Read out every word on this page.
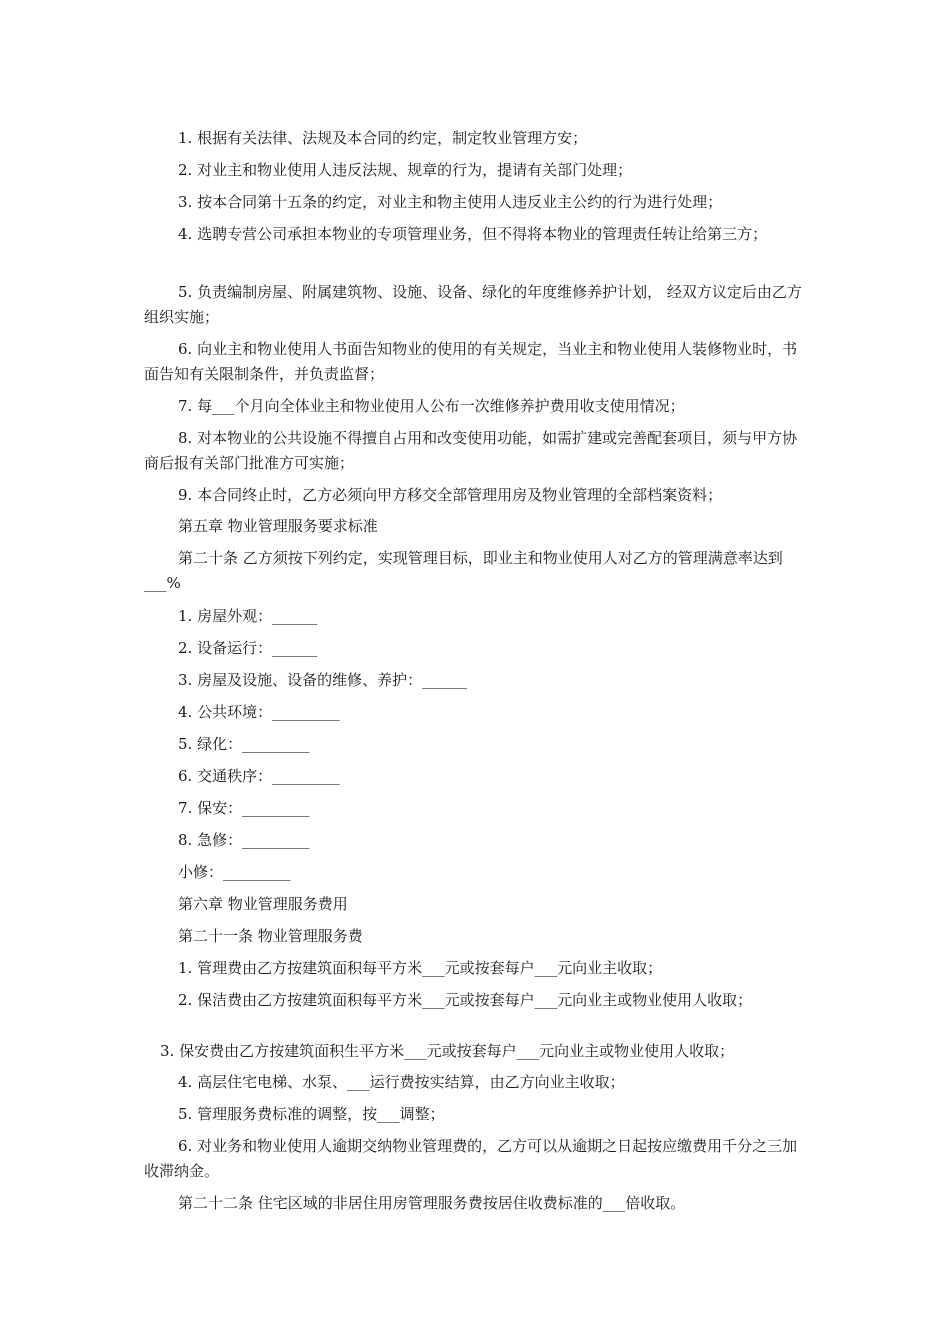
1. 根据有关法律、法规及本合同的约定，制定牧业管理方安；

2. 对业主和物业使用人违反法规、规章的行为，提请有关部门处理；

3. 按本合同第十五条的约定，对业主和物主使用人违反业主公约的行为进行处理；

4. 选聘专营公司承担本物业的专项管理业务，但不得将本物业的管理责任转让给第三方；

5. 负责编制房屋、附属建筑物、设施、设备、绿化的年度维修养护计划， 经双方议定后由乙方组织实施；

6. 向业主和物业使用人书面告知物业的使用的有关规定，当业主和物业使用人装修物业时，书面告知有关限制条件，并负责监督；

7. 每___个月向全体业主和物业使用人公布一次维修养护费用收支使用情况；

8. 对本物业的公共设施不得擅自占用和改变使用功能，如需扩建或完善配套项目，须与甲方协商后报有关部门批准方可实施；

9. 本合同终止时，乙方必须向甲方移交全部管理用房及物业管理的全部档案资料；

第五章 物业管理服务要求标准

第二十条 乙方须按下列约定，实现管理目标，即业主和物业使用人对乙方的管理满意率达到___%

1. 房屋外观：______

2. 设备运行：______

3. 房屋及设施、设备的维修、养护：______

4. 公共环境：_________

5. 绿化：_________

6. 交通秩序：_________

7. 保安：_________

8. 急修：_________

小修：_________

第六章 物业管理服务费用

第二十一条 物业管理服务费

1. 管理费由乙方按建筑面积每平方米___元或按套每户___元向业主收取；

2. 保洁费由乙方按建筑面积每平方米___元或按套每户___元向业主或物业使用人收取；

3. 保安费由乙方按建筑面积生平方米___元或按套每户___元向业主或物业使用人收取；

4. 高层住宅电梯、水泵、___运行费按实结算，由乙方向业主收取；

5. 管理服务费标准的调整，按___调整；

6. 对业务和物业使用人逾期交纳物业管理费的，乙方可以从逾期之日起按应缴费用千分之三加收滞纳金。

第二十二条 住宅区域的非居住用房管理服务费按居住收费标准的___倍收取。
